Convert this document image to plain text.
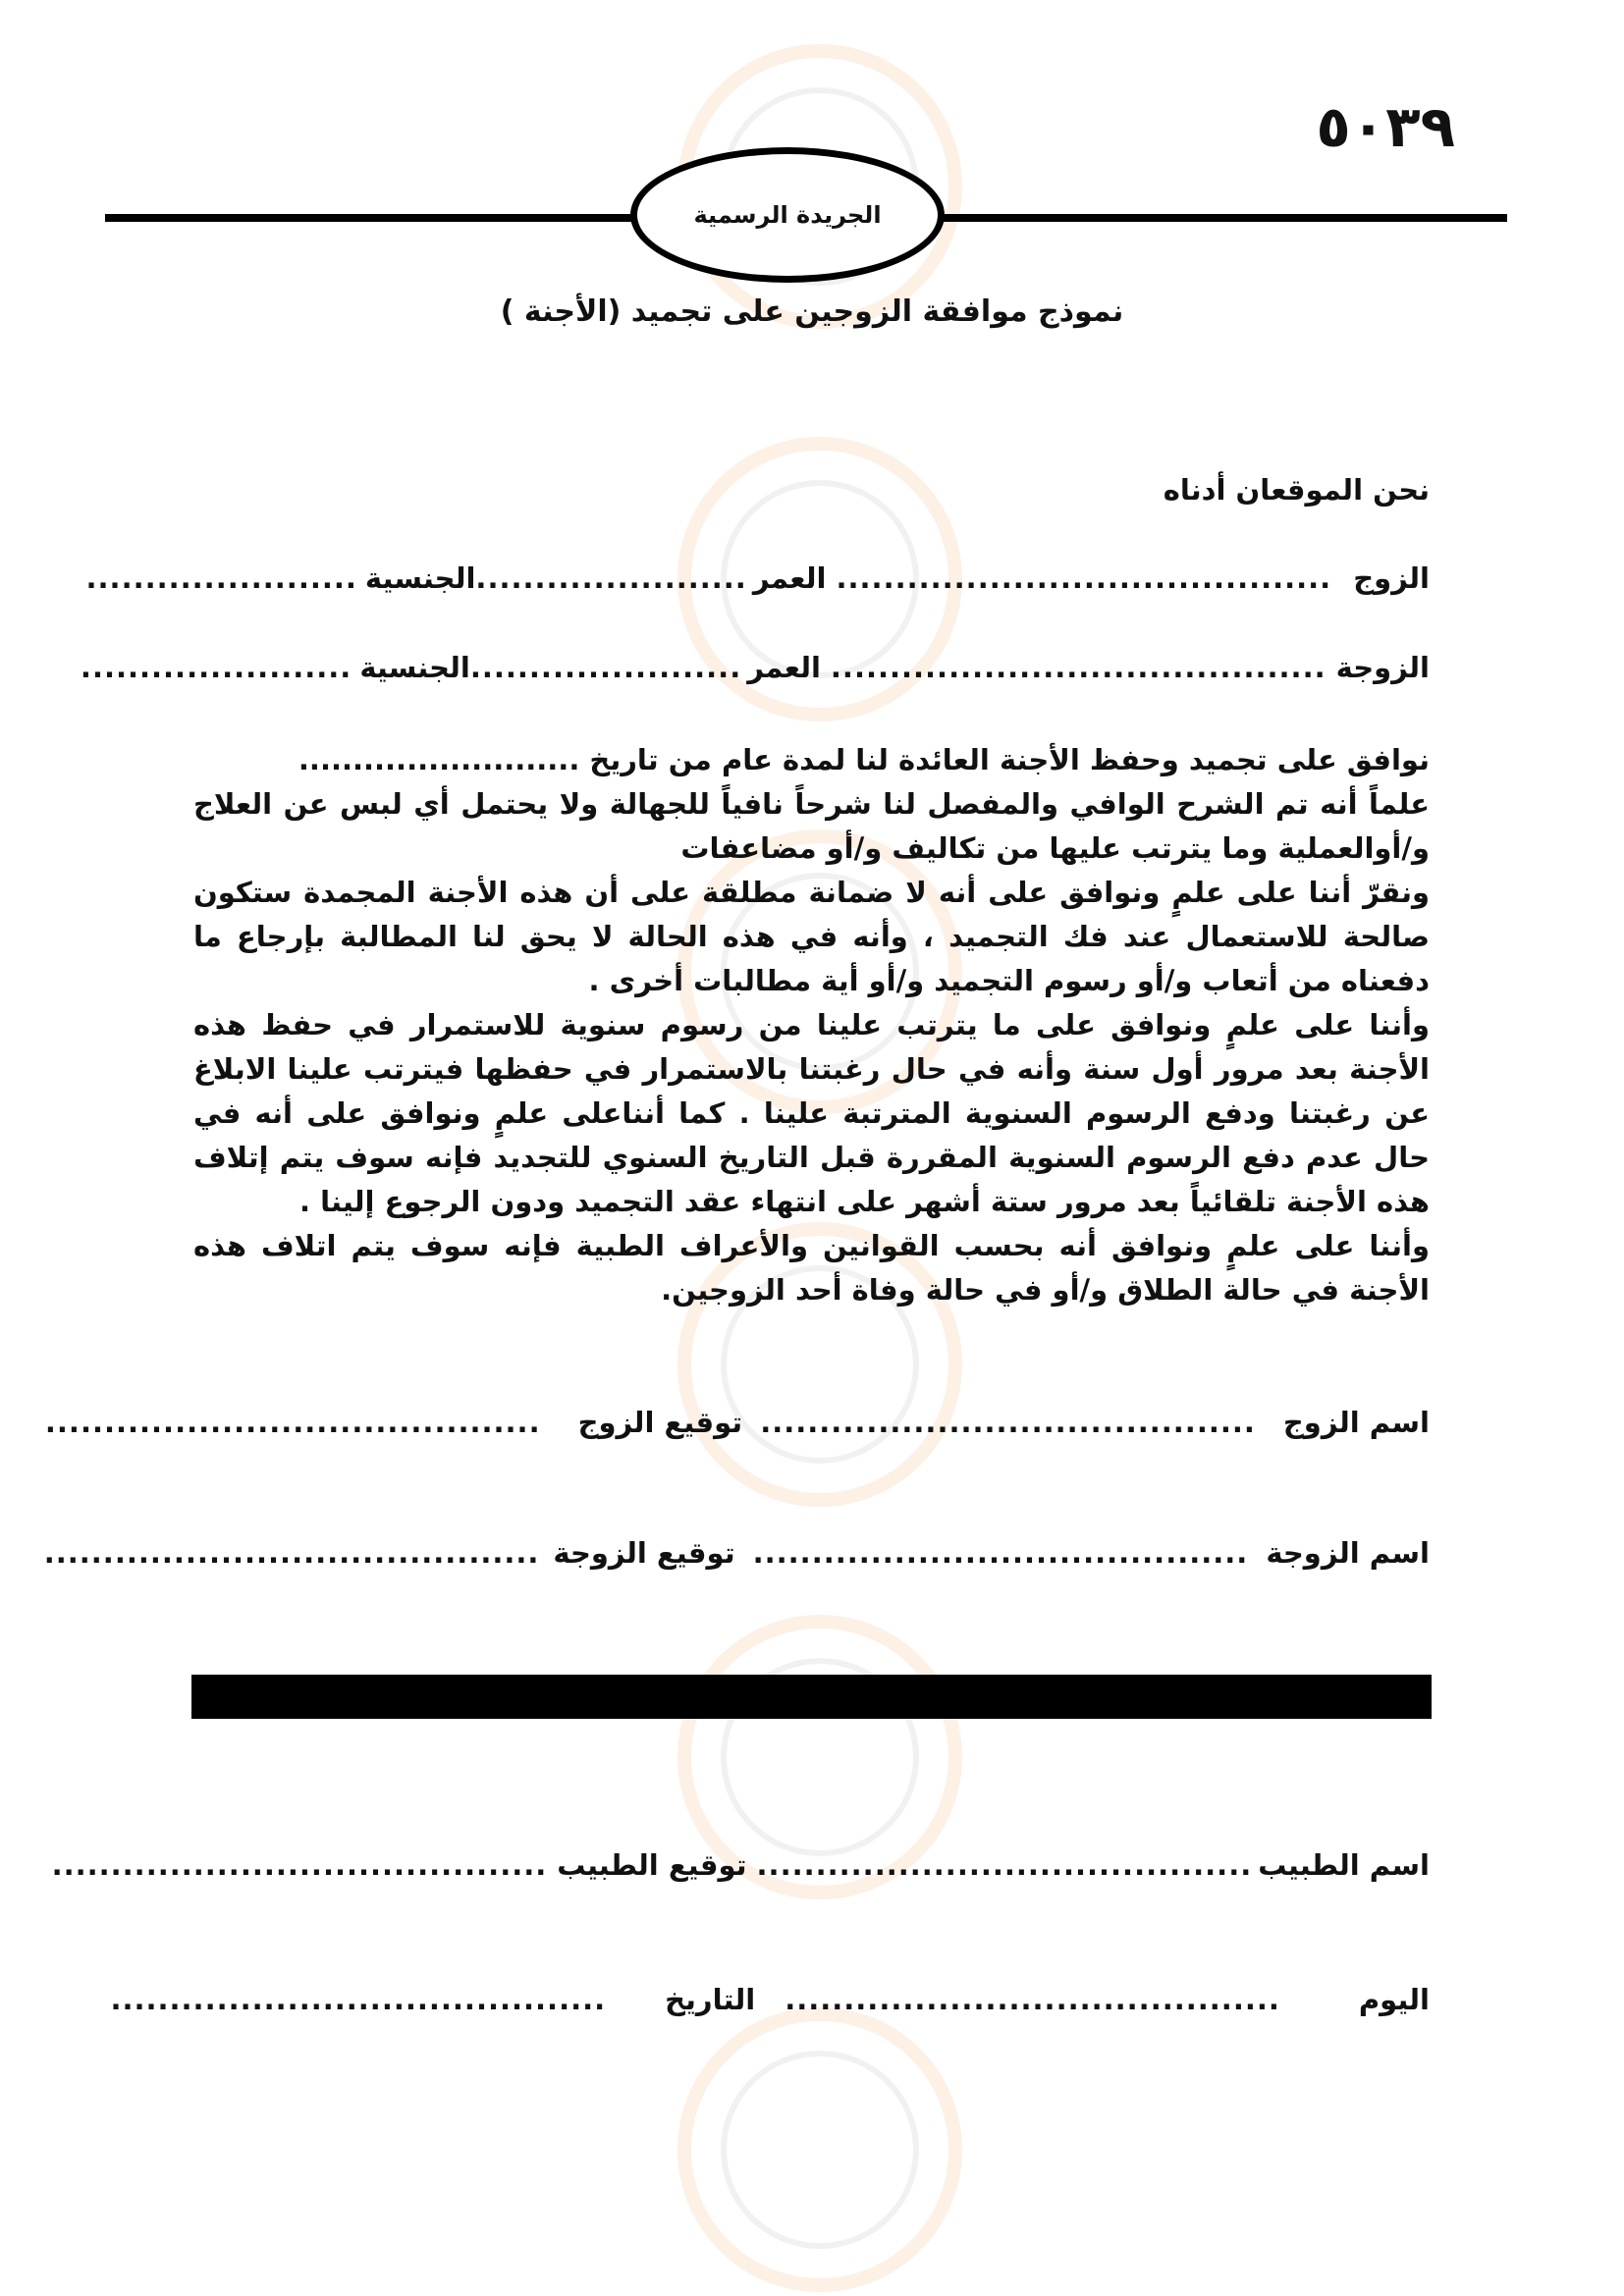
٥٠٣٩
الجريدة الرسمية
نموذج موافقة الزوجين على تجميد (الأجنة )
نحن الموقعان أدناه
الزوج
..........................................
العمر
.......................
الجنسية
.......................
الزوجة
..........................................
العمر
.......................
الجنسية
.......................

نوافق على تجميد وحفظ الأجنة العائدة لنا لمدة عام من تاريخ ..........................

علماً أنه تم الشرح الوافي والمفصل لنا شرحاً نافياً للجهالة ولا يحتمل أي لبس عن العلاج و/أوالعملية وما يترتب عليها من تكاليف و/أو مضاعفات

ونقرّ أننا على علمٍ ونوافق على أنه لا ضمانة مطلقة على أن هذه الأجنة المجمدة ستكون صالحة للاستعمال عند فك التجميد ، وأنه في هذه الحالة لا يحق لنا المطالبة بإرجاع ما دفعناه من أتعاب و/أو رسوم التجميد و/أو أية مطالبات أخرى .

وأننا على علمٍ ونوافق على ما يترتب علينا من رسوم سنوية للاستمرار في حفظ هذه الأجنة بعد مرور أول سنة وأنه في حال رغبتنا بالاستمرار في حفظها فيترتب علينا الابلاغ عن رغبتنا ودفع الرسوم السنوية المترتبة علينا . كما أنناعلى علمٍ ونوافق على أنه في حال عدم دفع الرسوم السنوية المقررة قبل التاريخ السنوي للتجديد فإنه سوف يتم إتلاف هذه الأجنة تلقائياً بعد مرور ستة أشهر على انتهاء عقد التجميد ودون الرجوع إلينا .

وأننا على علمٍ ونوافق أنه بحسب القوانين والأعراف الطبية فإنه سوف يتم اتلاف هذه الأجنة في حالة الطلاق و/أو في حالة وفاة أحد الزوجين.

اسم الزوج
..........................................
توقيع الزوج
..........................................
اسم الزوجة
..........................................
توقيع الزوجة
..........................................
اسم الطبيب
..........................................
توقيع الطبيب
..........................................
اليوم
..........................................
التاريخ
..........................................
